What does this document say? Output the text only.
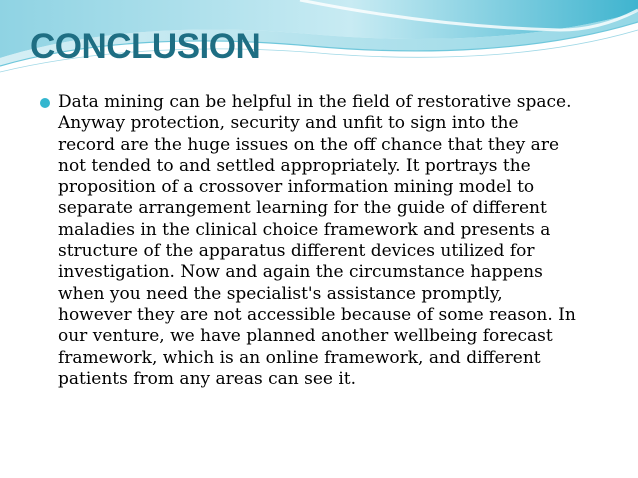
CONCLUSION
Data mining can be helpful in the field of restorative space.
Anyway protection, security and unfit to sign into the
record are the huge issues on the off chance that they are
not tended to and settled appropriately. It portrays the
proposition of a crossover information mining model to
separate arrangement learning for the guide of different
maladies in the clinical choice framework and presents a
structure of the apparatus different devices utilized for
investigation. Now and again the circumstance happens
when you need the specialist's assistance promptly,
however they are not accessible because of some reason. In
our venture, we have planned another wellbeing forecast
framework, which is an online framework, and different
patients from any areas can see it.
